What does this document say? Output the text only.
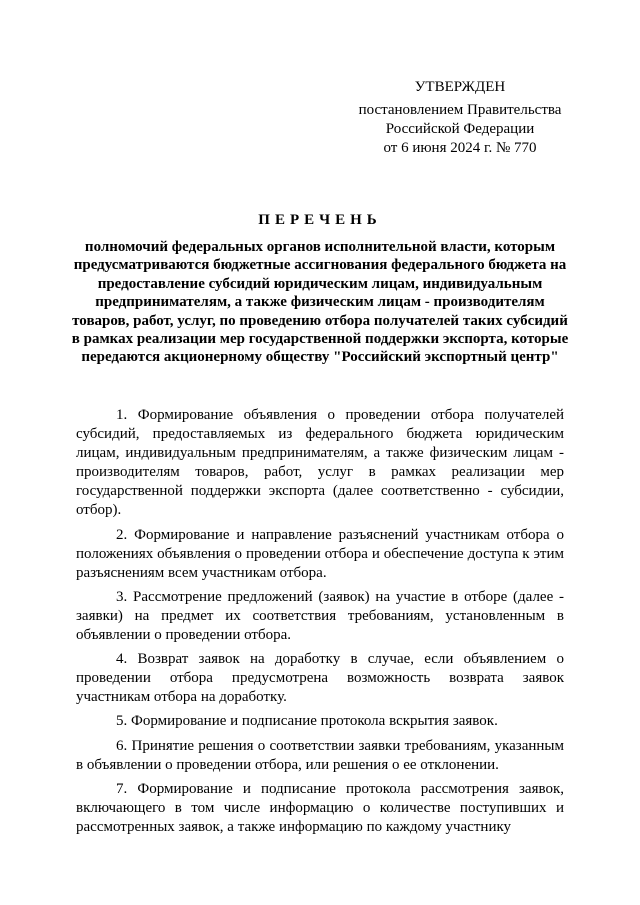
УТВЕРЖДЕН
постановлением Правительства
Российской Федерации
от 6 июня 2024 г. № 770
ПЕРЕЧЕНЬ
полномочий федеральных органов исполнительной власти, которым предусматриваются бюджетные ассигнования федерального бюджета на предоставление субсидий юридическим лицам, индивидуальным предпринимателям, а также физическим лицам - производителям товаров, работ, услуг, по проведению отбора получателей таких субсидий в рамках реализации мер государственной поддержки экспорта, которые передаются акционерному обществу "Российский экспортный центр"

1. Формирование объявления о проведении отбора получателей субсидий, предоставляемых из федерального бюджета юридическим лицам, индивидуальным предпринимателям, а также физическим лицам - производителям товаров, работ, услуг в рамках реализации мер государственной поддержки экспорта (далее соответственно - субсидии, отбор).

2. Формирование и направление разъяснений участникам отбора о положениях объявления о проведении отбора и обеспечение доступа к этим разъяснениям всем участникам отбора.

3. Рассмотрение предложений (заявок) на участие в отборе (далее - заявки) на предмет их соответствия требованиям, установленным в объявлении о проведении отбора.

4. Возврат заявок на доработку в случае, если объявлением о проведении отбора предусмотрена возможность возврата заявок участникам отбора на доработку.

5. Формирование и подписание протокола вскрытия заявок.

6. Принятие решения о соответствии заявки требованиям, указанным в объявлении о проведении отбора, или решения о ее отклонении.

7. Формирование и подписание протокола рассмотрения заявок, включающего в том числе информацию о количестве поступивших и рассмотренных заявок, а также информацию по каждому участнику
